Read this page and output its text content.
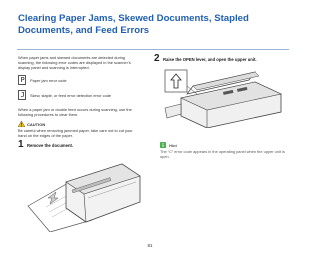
Clearing Paper Jams, Skewed Documents, Stapled Documents, and Feed Errors

When paper jams and skewed documents are detected during scanning, the following error codes are displayed in the scanner’s display panel and scanning is interrupted.

P Paper jam error code
J Skew, staple, or feed error detection error code

When a paper jam or double feed occurs during scanning, use the following procedures to clear them.

CAUTION

Be careful when removing jammed paper, take care not to cut your hand on the edges of the paper.

1 Remove the document.
2 Raise the OPEN lever, and open the upper unit.
Hint

The “C” error code appears in the operating panel when the upper unit is open.

81
